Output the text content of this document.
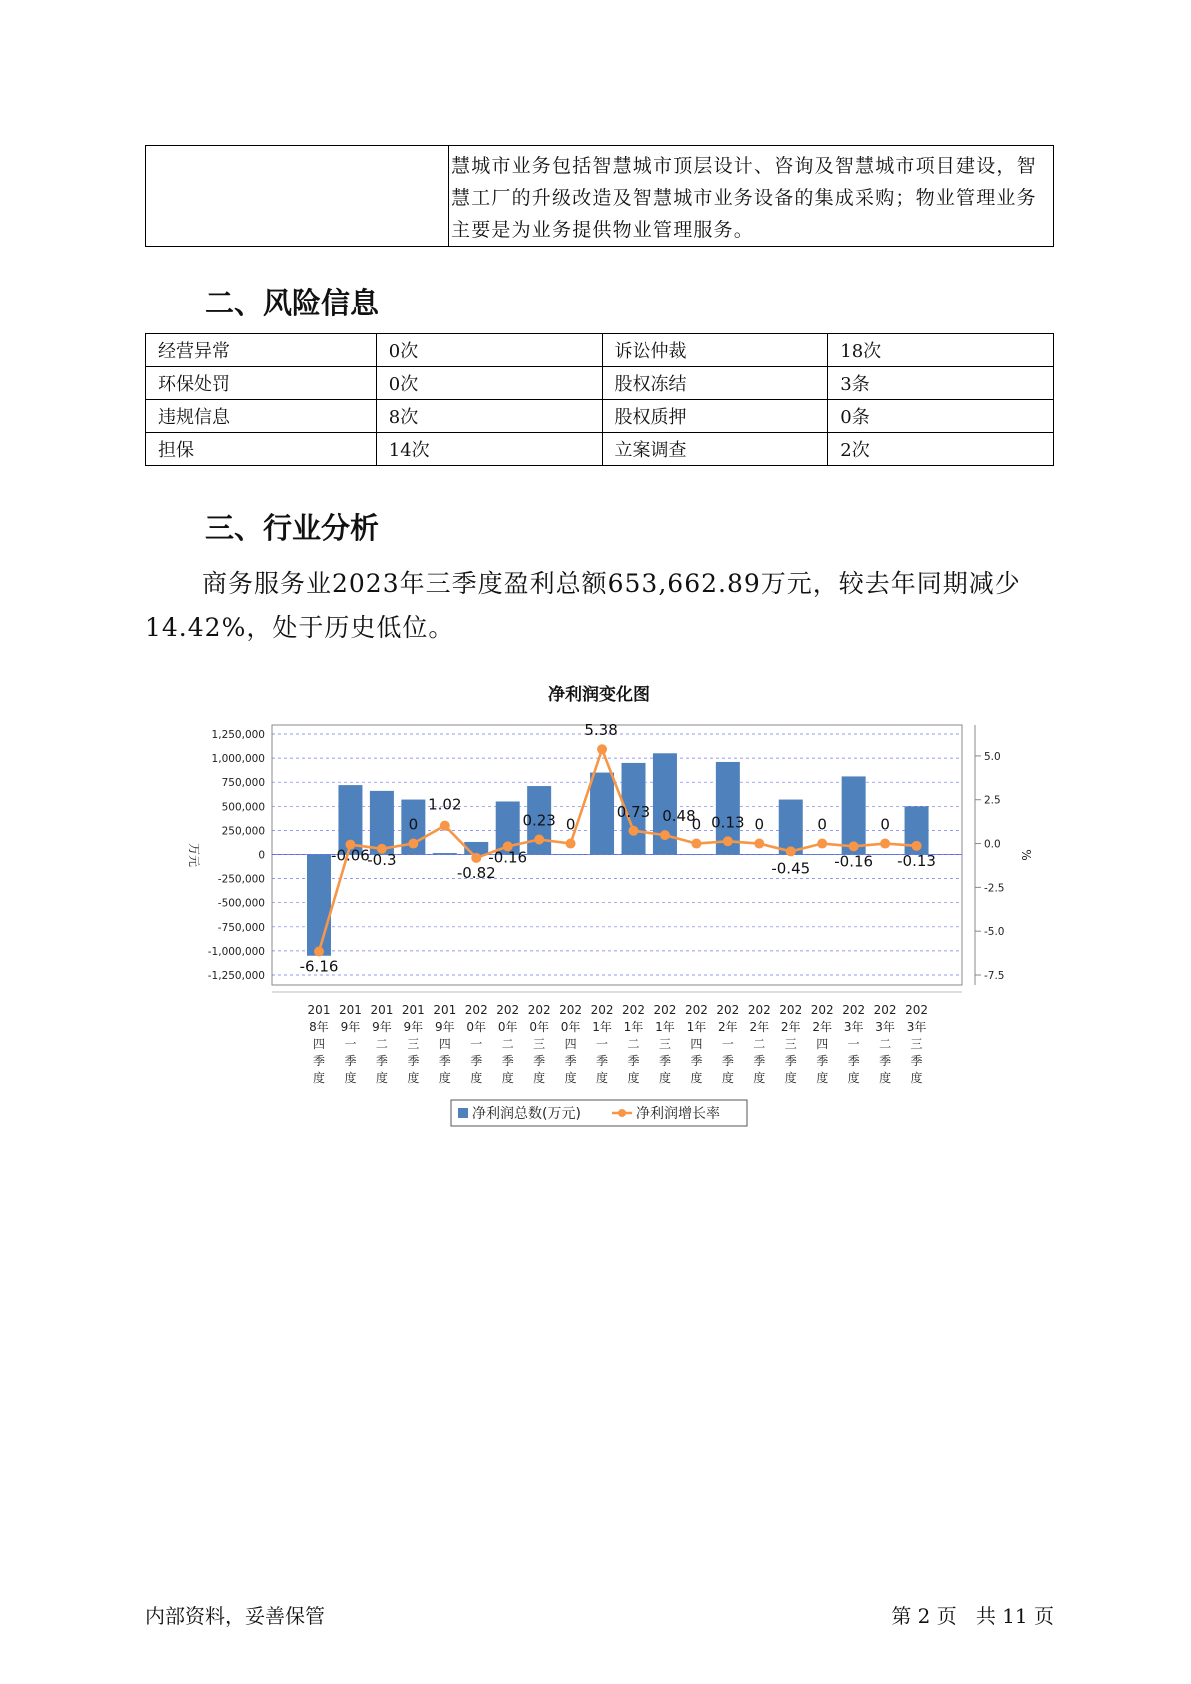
	慧城市业务包括智慧城市顶层设计、咨询及智慧城市项目建设，智慧工厂的升级改造及智慧城市业务设备的集成采购；物业管理业务主要是为业务提供物业管理服务。
二、风险信息
经营异常	0次	诉讼仲裁	18次
环保处罚	0次	股权冻结	3条
违规信息	8次	股权质押	0条
担保	14次	立案调查	2次
三、行业分析
商务服务业2023年三季度盈利总额653,662.89万元，较去年同期减少14.42%，处于历史低位。
净利润变化图
1,250,000
1,000,000
750,000
500,000
250,000
0
-250,000
-500,000
-750,000
-1,000,000
-1,250,000
5.0
2.5
0.0
-2.5
-5.0
-7.5
万元	%
-6.16
-0.06
-0.3
0
1.02
-0.82
-0.16
0.23 0
5.38
0.73 0.48
0 0.13 0
-0.45
0
-0.16
0
-0.13
201
8年
四
季
度
201
9年
一
季
度
201
9年
二
季
度
201
9年
三
季
度
201
9年
四
季
度
202
0年
一
季
度
202
0年
二
季
度
202
0年
三
季
度
202
0年
四
季
度
202
1年
一
季
度
202
1年
二
季
度
202
1年
三
季
度
202
1年
四
季
度
202
2年
一
季
度
202
2年
二
季
度
202
2年
三
季
度
202
2年
四
季
度
202
3年
一
季
度
202
3年
二
季
度
202
3年
三
季
度
净利润总数(万元)	净利润增长率
内部资料，妥善保管	第 2 页   共 11 页
